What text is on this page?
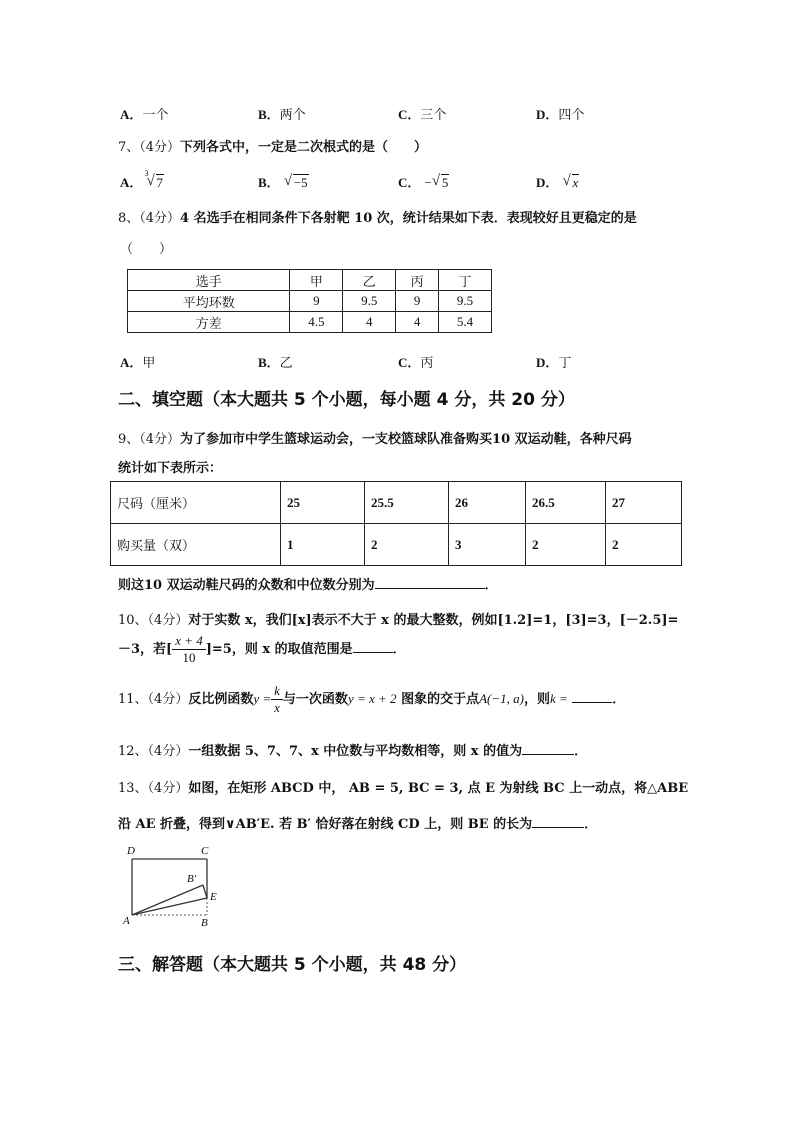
A．一个	B．两个	C．三个	D．四个
7、（4分）下列各式中，一定是二次根式的是（　　）
A．
3
√ 7	B． √ −5	C． − √ 5	D． √ x
8、（4分）4 名选手在相同条件下各射靶 10 次，统计结果如下表．表现较好且更稳定的是
（　　）
选手	甲	乙	丙	丁
平均环数	9	9.5	9	9.5
方差	4.5	4	4	5.4
A．甲	B．乙	C．丙	D．丁
二、填空题（本大题共 5 个小题，每小题 4 分，共 20 分）
9、（4分）为了参加市中学生篮球运动会，一支校篮球队准备购买10 双运动鞋，各种尺码
统计如下表所示：
尺码（厘米）	25	25.5	26	26.5	27
购买量（双）	1	2	3	2	2
则这10 双运动鞋尺码的众数和中位数分别为	．
10、（4分）对于实数 x，我们[x]表示不大于 x 的最大整数，例如[1.2]=1，[3]=3，[－2.5]=
－3，若[ $\frac{x + 4}{10} ]=5$，则 x 的取值范围是	．
11、（4分）反比例函数$y = \frac{k}{x}$ 与一次函数y = x + 2 图象的交于点A(−1, a)，则k =	．
12、（4分）一组数据 5、7、7、x 中位数与平均数相等，则 x 的值为	．
13、（4分）如图，在矩形 ABCD 中， AB = 5, BC = 3, 点 E 为射线 BC 上一动点，将△ABE
沿 AE 折叠，得到∨AB′E. 若 B′ 恰好落在射线 CD 上，则 BE 的长为	．
D	C
B′
E
A	B
三、解答题（本大题共 5 个小题，共 48 分）
